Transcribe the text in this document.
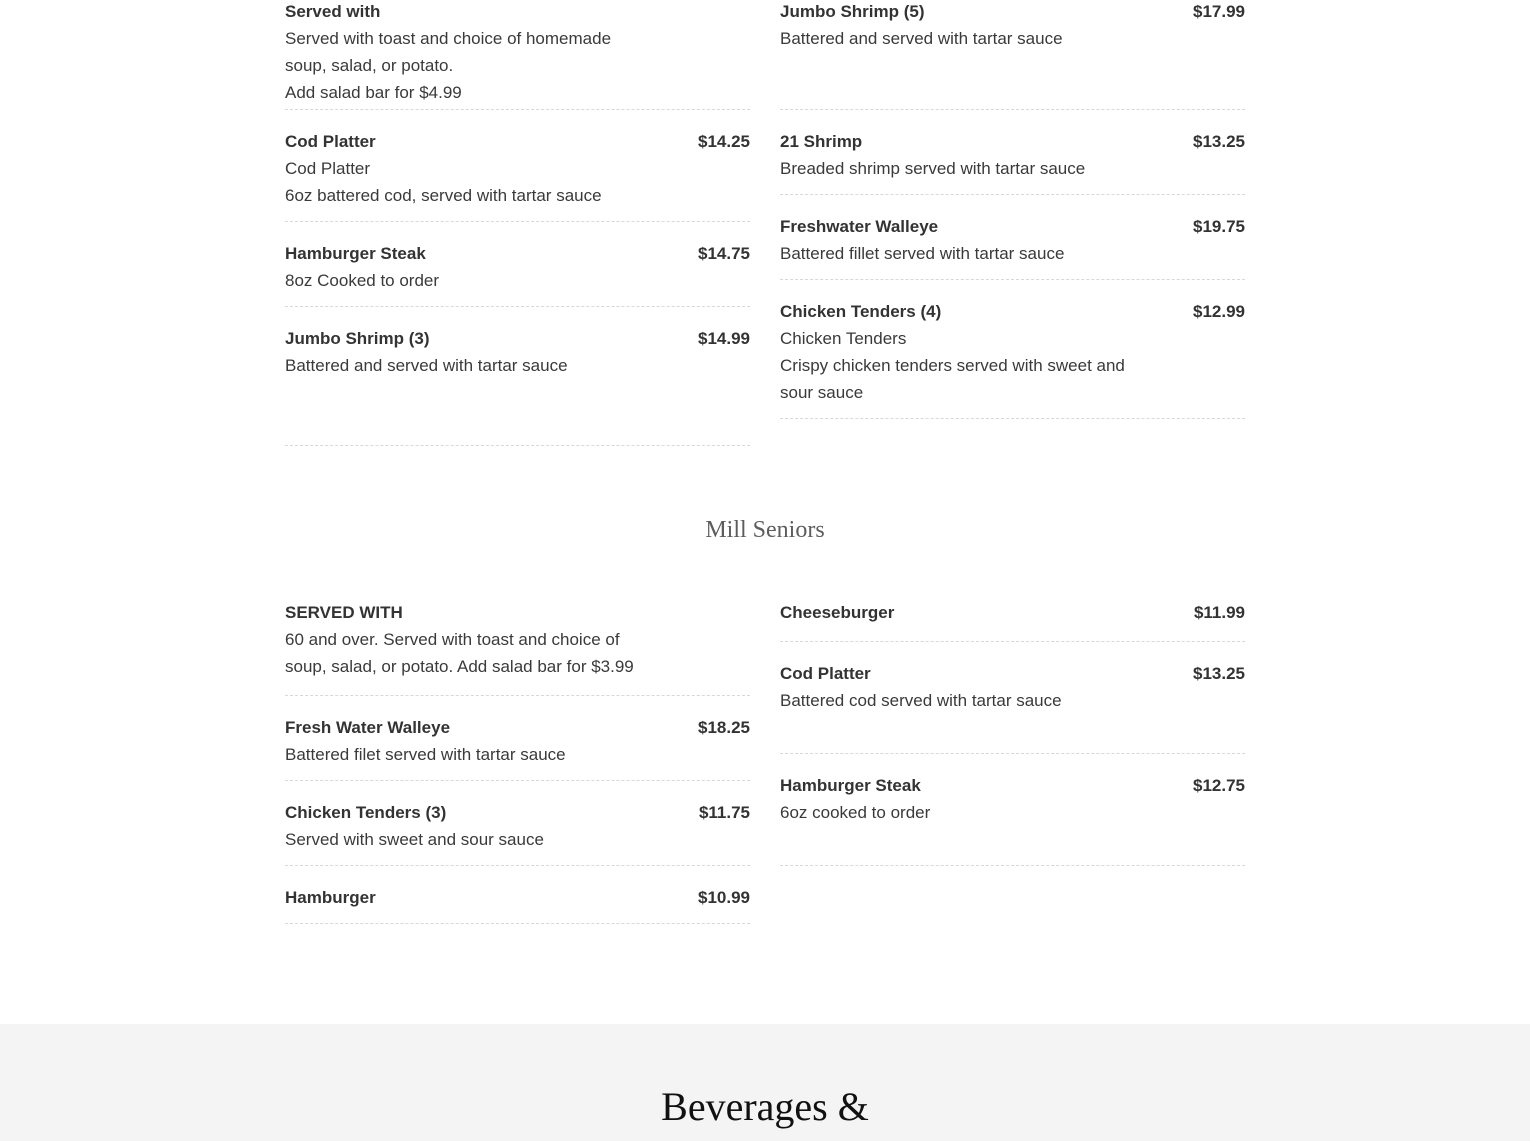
Served with
Served with toast and choice of homemade soup, salad, or potato.
Add salad bar for $4.99
Cod Platter	$14.25
Cod Platter
6oz battered cod, served with tartar sauce
Hamburger Steak	$14.75
8oz Cooked to order
Jumbo Shrimp (3)	$14.99
Battered and served with tartar sauce
Jumbo Shrimp (5)	$17.99
Battered and served with tartar sauce
21 Shrimp	$13.25
Breaded shrimp served with tartar sauce
Freshwater Walleye	$19.75
Battered fillet served with tartar sauce
Chicken Tenders (4)	$12.99
Chicken Tenders
Crispy chicken tenders served with sweet and sour sauce
Mill Seniors
SERVED WITH
60 and over. Served with toast and choice of soup, salad, or potato. Add salad bar for $3.99
Fresh Water Walleye	$18.25
Battered filet served with tartar sauce
Chicken Tenders (3)	$11.75
Served with sweet and sour sauce
Hamburger	$10.99
Cheeseburger	$11.99
Cod Platter	$13.25
Battered cod served with tartar sauce
Hamburger Steak	$12.75
6oz cooked to order
Beverages &
